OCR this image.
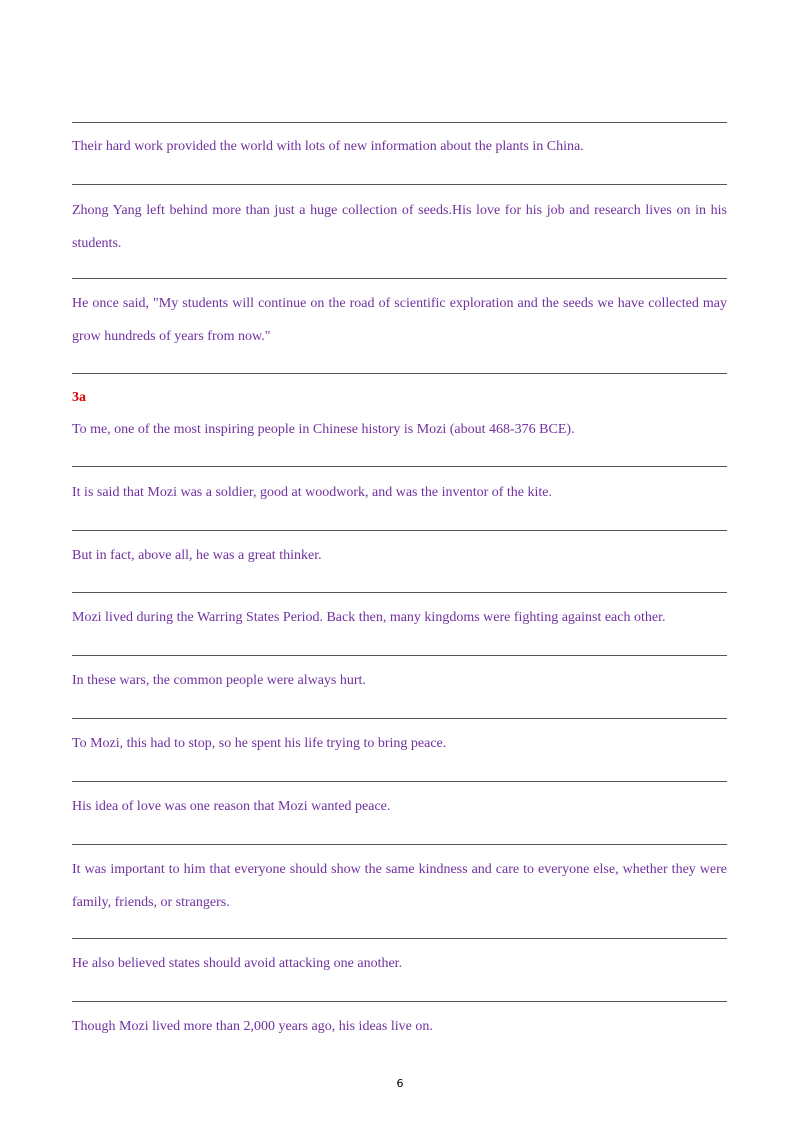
Their hard work provided the world with lots of new information about the plants in China.

Zhong Yang left behind more than just a huge collection of seeds.His love for his job and research lives on in his students.

He once said, "My students will continue on the road of scientific exploration and the seeds we have collected may grow hundreds of years from now."

3a

To me, one of the most inspiring people in Chinese history is Mozi (about 468-376 BCE).

It is said that Mozi was a soldier, good at woodwork, and was the inventor of the kite.

But in fact, above all, he was a great thinker.

Mozi lived during the Warring States Period. Back then, many kingdoms were fighting against each other.

In these wars, the common people were always hurt.

To Mozi, this had to stop, so he spent his life trying to bring peace.

His idea of love was one reason that Mozi wanted peace.

It was important to him that everyone should show the same kindness and care to everyone else, whether they were family, friends, or strangers.

He also believed states should avoid attacking one another.

Though Mozi lived more than 2,000 years ago, his ideas live on.

6
